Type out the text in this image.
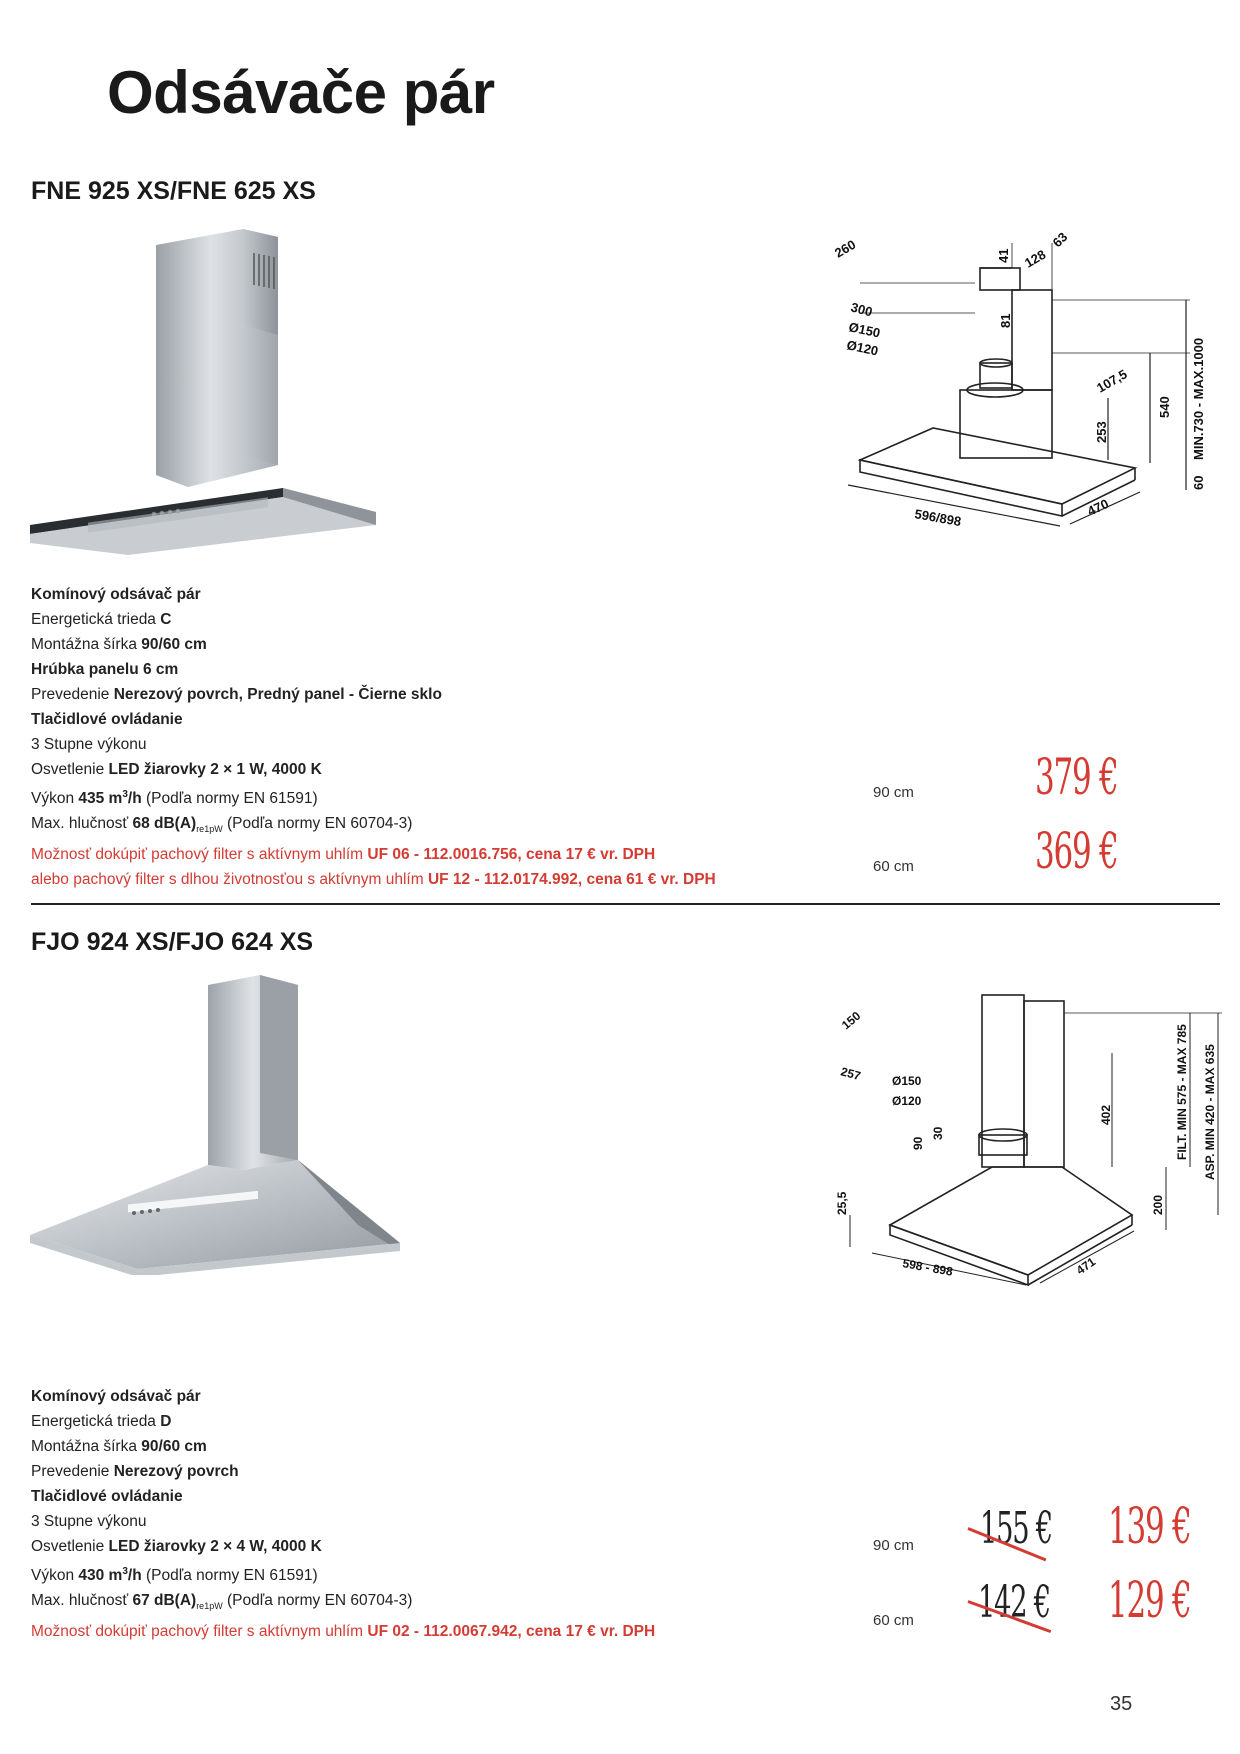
Odsávače pár
FNE 925 XS/FNE 625 XS
260	41 128
63
300
81
Ø150
Ø120
107,5
253
540 MIN.730 - MAX.1000
60
596/898	470
Komínový odsávač pár
Energetická trieda C
Montážna šírka 90/60 cm
Hrúbka panelu 6 cm
Prevedenie Nerezový povrch, Predný panel - Čierne sklo
Tlačidlové ovládanie
3 Stupne výkonu
Osvetlenie LED žiarovky 2 × 1 W, 4000 K
Výkon 435 $m^3/h$ (Podľa normy EN 61591)
Max. hlučnosť 68 $dB(A)_{re1pW}$ (Podľa normy EN 60704-3)
Možnosť dokúpiť pachový filter s aktívnym uhlím UF 06 - 112.0016.756, cena 17 € vr. DPH
alebo pachový filter s dlhou životnosťou s aktívnym uhlím UF 12 - 112.0174.992, cena 61 € vr. DPH
90 cm 379 €
60 cm 369 €
FJO 924 XS/FJO 624 XS
150
257 Ø150
Ø120
90
30
402	FILT. MIN 575 - MAX 785 ASP. MIN 420 - MAX 635
25,5	200
598 - 898	471
Komínový odsávač pár
Energetická trieda D
Montážna šírka 90/60 cm
Prevedenie Nerezový povrch
Tlačidlové ovládanie
3 Stupne výkonu
Osvetlenie LED žiarovky 2 × 4 W, 4000 K
Výkon 430 $m^3/h$ (Podľa normy EN 61591)
Max. hlučnosť 67 $dB(A)_{re1pW}$ (Podľa normy EN 60704-3)
Možnosť dokúpiť pachový filter s aktívnym uhlím UF 02 - 112.0067.942, cena 17 € vr. DPH
90 cm 155 € 139 €
60 cm 142 € 129 €
35
